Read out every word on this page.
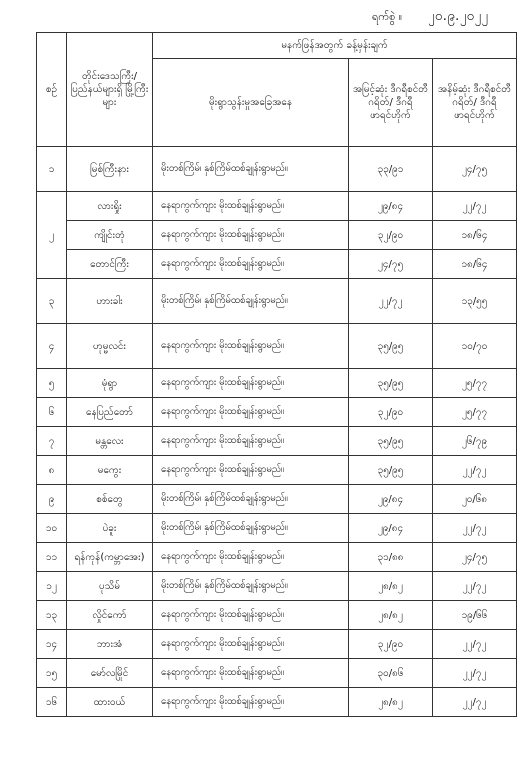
ရက်စွဲ ။ ၂၀.၉.၂၀၂၂
စဉ်	တိုင်းဒေသကြီး/ ပြည်နယ်များရှိ မြို့ကြီးများ	မနက်ဖြန်အတွက် ခန့်မှန်းချက်		
		မိုးရွာသွန်းမှုအခြေအနေ	အမြင့်ဆုံး ဒီဂရီစင်တီဂရိတ်/ ဒီဂရီဖာရင်ဟိုက်	အနိမ့်ဆုံး ဒီဂရီစင်တီဂရိတ်/ ဒီဂရီဖာရင်ဟိုက်
၁	မြစ်ကြီးနား	မိုးတစ်ကြိမ်၊ နှစ်ကြိမ်ထစ်ချုန်းရွာမည်။	၃၃/၉၁	၂၄/၇၅
၂	လားရှိုး	နေရာကွက်ကျား မိုးထစ်ချုန်းရွာမည်။	၂၉/၈၄	၂၂/၇၂
	ကျိုင်းတုံ	နေရာကွက်ကျား မိုးထစ်ချုန်းရွာမည်။	၃၂/၉၀	၁၈/၆၄
	တောင်ကြီး	နေရာကွက်ကျား မိုးထစ်ချုန်းရွာမည်။	၂၄/၇၅	၁၈/၆၄
၃	ဟားခါး	မိုးတစ်ကြိမ်၊ နှစ်ကြိမ်ထစ်ချုန်းရွာမည်။	၂၂/၇၂	၁၃/၅၅
၄	ဟုမ္မလင်း	နေရာကွက်ကျား မိုးထစ်ချုန်းရွာမည်။	၃၅/၉၅	၁၀/၇၀
၅	မုံရွာ	နေရာကွက်ကျား မိုးထစ်ချုန်းရွာမည်။	၃၅/၉၅	၂၅/၇၇
၆	နေပြည်တော်	နေရာကွက်ကျား မိုးထစ်ချုန်းရွာမည်။	၃၂/၉၀	၂၅/၇၇
၇	မန္တလေး	နေရာကွက်ကျား မိုးထစ်ချုန်းရွာမည်။	၃၅/၉၅	၂၆/၇၉
၈	မကွေး	နေရာကွက်ကျား မိုးထစ်ချုန်းရွာမည်။	၃၅/၉၅	၂၂/၇၂
၉	စစ်တွေ	မိုးတစ်ကြိမ်၊ နှစ်ကြိမ်ထစ်ချုန်းရွာမည်။	၂၉/၈၄	၂၀/၆၈
၁၀	ပဲခူး	မိုးတစ်ကြိမ်၊ နှစ်ကြိမ်ထစ်ချုန်းရွာမည်။	၂၉/၈၄	၂၂/၇၂
၁၁	ရန်ကုန်(ကမ္ဘာအေး)	နေရာကွက်ကျား မိုးထစ်ချုန်းရွာမည်။	၃၁/၈၈	၂၄/၇၅
၁၂	ပုသိမ်	မိုးတစ်ကြိမ်၊ နှစ်ကြိမ်ထစ်ချုန်းရွာမည်။	၂၈/၈၂	၂၂/၇၂
၁၃	လှိုင်ကော်	နေရာကွက်ကျား မိုးထစ်ချုန်းရွာမည်။	၂၈/၈၂	၁၉/၆၆
၁၄	ဘားအံ	နေရာကွက်ကျား မိုးထစ်ချုန်းရွာမည်။	၃၂/၉၀	၂၂/၇၂
၁၅	မော်လမြိုင်	နေရာကွက်ကျား မိုးထစ်ချုန်းရွာမည်။	၃၀/၈၆	၂၂/၇၂
၁၆	ထားဝယ်	နေရာကွက်ကျား မိုးထစ်ချုန်းရွာမည်။	၂၈/၈၂	၂၂/၇၂
